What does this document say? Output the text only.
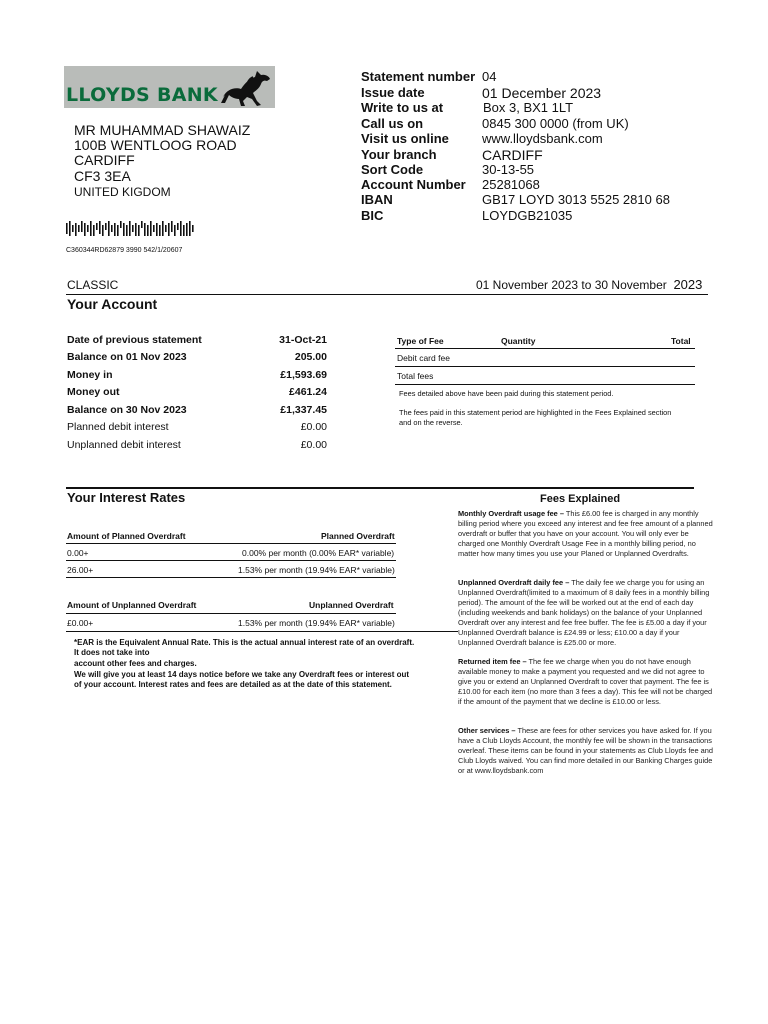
LLOYDS BANK
Statement number 04
Issue date	01 December 2023
Write to us at	Box 3, BX1 1LT
Call us on	0845 300 0000 (from UK)
Visit us online	www.lloydsbank.com
Your branch	CARDIFF
Sort Code	30-13-55
Account Number 25281068
IBAN	GB17 LOYD 3013 5525 2810 68
BIC	LOYDGB21035
MR MUHAMMAD SHAWAIZ
100B WENTLOOG ROAD
CARDIFF
CF3 3EA
UNITED KIGDOM
C360344RD62879 3990 542/1/20607
CLASSIC	01 November 2023 to 30 November 2023
Your Account
Date of previous statement	31-Oct-21
Balance on 01 Nov 2023	205.00
Money in	£1,593.69
Money out	£461.24
Balance on 30 Nov 2023	£1,337.45
Planned debit interest	£0.00
Unplanned debit interest	£0.00
Type of Fee	Quantity	Total
Debit card fee
Total fees
Fees detailed above have been paid during this statement period.
The fees paid in this statement period are highlighted in the Fees Explained section
and on the reverse.
Your Interest Rates
Amount of Planned Overdraft	Planned Overdraft
0.00+	0.00% per month (0.00% EAR* variable)
26.00+	1.53% per month (19.94% EAR* variable)
Amount of Unplanned Overdraft	Unplanned Overdraft
£0.00+	1.53% per month (19.94% EAR* variable)
*EAR is the Equivalent Annual Rate. This is the actual annual interest rate of an overdraft.
It does not take into
account other fees and charges.
We will give you at least 14 days notice before we take any Overdraft fees or interest out
of your account. Interest rates and fees are detailed as at the date of this statement.
Fees Explained
Monthly Overdraft usage fee – This £6.00 fee is charged in any monthly billing period where you exceed any interest and fee free amount of a planned overdraft or buffer that you have on your account. You will only ever be charged one Monthly Overdraft Usage Fee in a monthly billing period, no matter how many times you use your Planed or Unplanned Overdrafts.
Unplanned Overdraft daily fee – The daily fee we charge you for using an Unplanned Overdraft(limited to a maximum of 8 daily fees in a monthly billing period). The amount of the fee will be worked out at the end of each day (including weekends and bank holidays) on the balance of your Unplanned Overdraft over any interest and fee free buffer. The fee is £5.00 a day if your Unplanned Overdraft balance is £24.99 or less; £10.00 a day if your Unplanned Overdraft balance is £25.00 or more.
Returned item fee – The fee we charge when you do not have enough available money to make a payment you requested and we did not agree to give you or extend an Unplanned Overdraft to cover that payment. The fee is £10.00 for each item (no more than 3 fees a day). This fee will not be charged if the amount of the payment that we decline is £10.00 or less.
Other services – These are fees for other services you have asked for. If you have a Club Lloyds Account, the monthly fee will be shown in the transactions overleaf. These items can be found in your statements as Club Lloyds fee and Club Lloyds waived. You can find more detailed in our Banking Charges guide or at www.lloydsbank.com
